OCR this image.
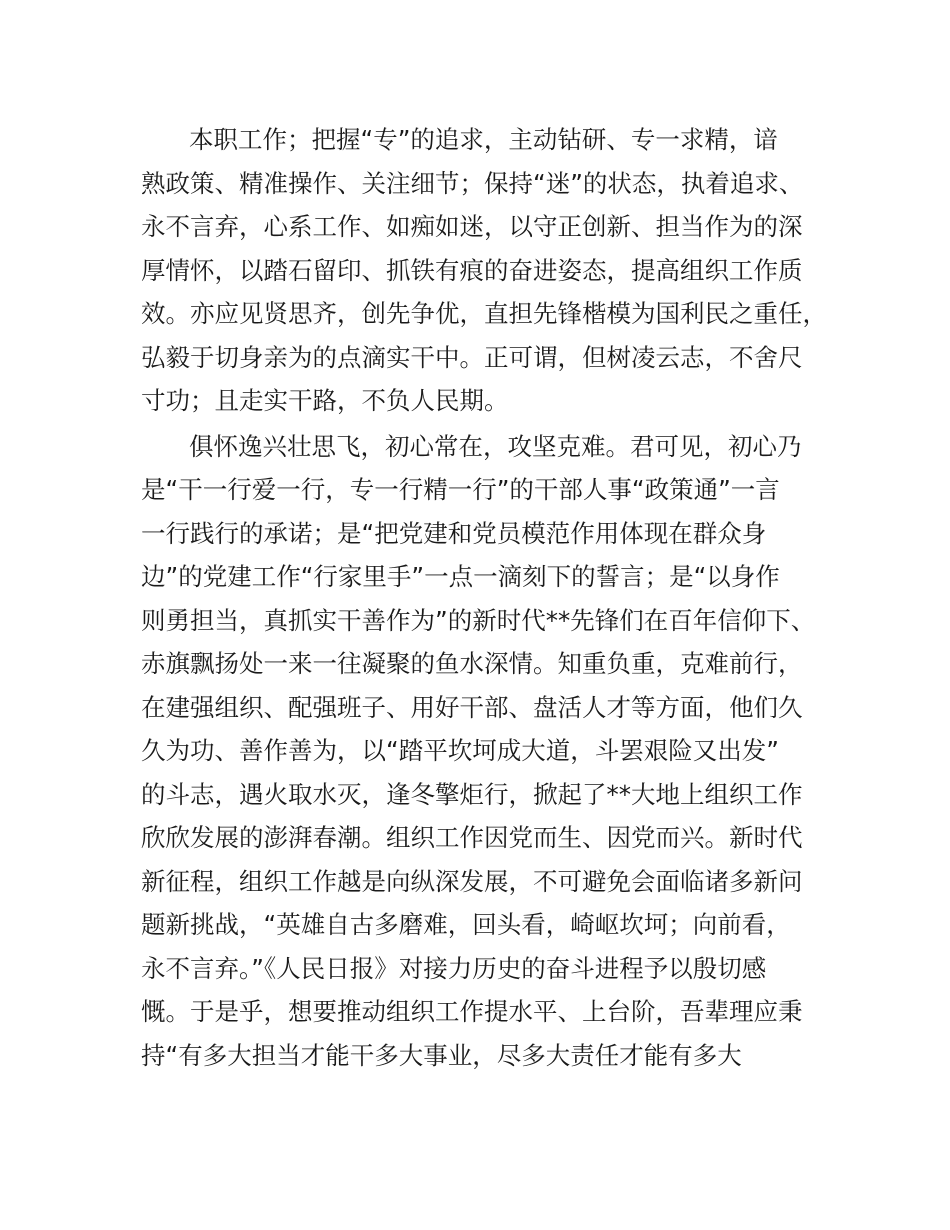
本职工作；把握“专”的追求，主动钻研、专一求精，谙
熟政策、精准操作、关注细节；保持“迷”的状态，执着追求、
永不言弃，心系工作、如痴如迷，以守正创新、担当作为的深
厚情怀，以踏石留印、抓铁有痕的奋进姿态，提高组织工作质
效。亦应见贤思齐，创先争优，直担先锋楷模为国利民之重任，
弘毅于切身亲为的点滴实干中。正可谓，但树凌云志，不舍尺
寸功；且走实干路，不负人民期。
俱怀逸兴壮思飞，初心常在，攻坚克难。君可见，初心乃
是“干一行爱一行，专一行精一行”的干部人事“政策通”一言
一行践行的承诺；是“把党建和党员模范作用体现在群众身
边”的党建工作“行家里手”一点一滴刻下的誓言；是“以身作
则勇担当，真抓实干善作为”的新时代**先锋们在百年信仰下、
赤旗飘扬处一来一往凝聚的鱼水深情。知重负重，克难前行，
在建强组织、配强班子、用好干部、盘活人才等方面，他们久
久为功、善作善为，以“踏平坎坷成大道，斗罢艰险又出发”
的斗志，遇火取水灭，逢冬擎炬行，掀起了**大地上组织工作
欣欣发展的澎湃春潮。组织工作因党而生、因党而兴。新时代
新征程，组织工作越是向纵深发展，不可避免会面临诸多新问
题新挑战，“英雄自古多磨难，回头看，崎岖坎坷；向前看，
永不言弃。”《人民日报》对接力历史的奋斗进程予以殷切感
慨。于是乎，想要推动组织工作提水平、上台阶，吾辈理应秉
持“有多大担当才能干多大事业，尽多大责任才能有多大
